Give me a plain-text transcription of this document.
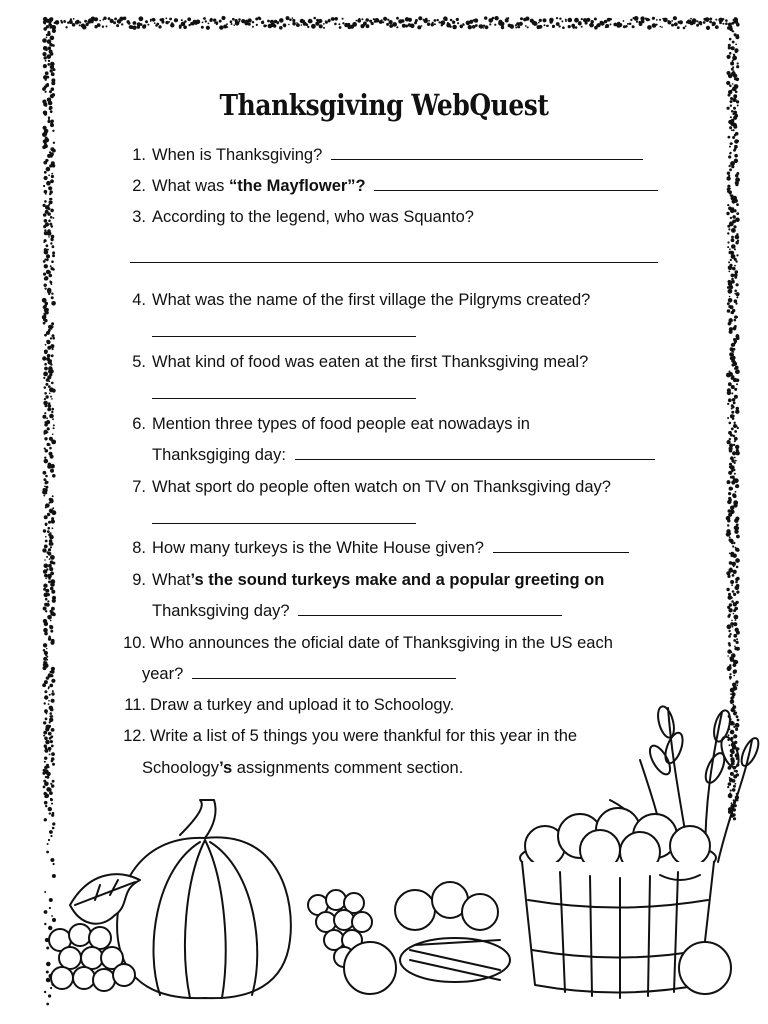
Thanksgiving WebQuest
1. When is Thanksgiving?
2. What was “the Mayflower”?
3. According to the legend, who was Squanto?
4. What was the name of the first village the Pilgryms created?
5. What kind of food was eaten at the first Thanksgiving meal?
6. Mention three types of food people eat nowadays in
Thanksgiging day:
7. What sport do people often watch on TV on Thanksgiving day?
8. How many turkeys is the White House given?
9. What’s the sound turkeys make and a popular greeting on
Thanksgiving day?
10. Who announces the oficial date of Thanksgiving in the US each
year?
11. Draw a turkey and upload it to Schoology.
12. Write a list of 5 things you were thankful for this year in the
Schoology’s assignments comment section.
